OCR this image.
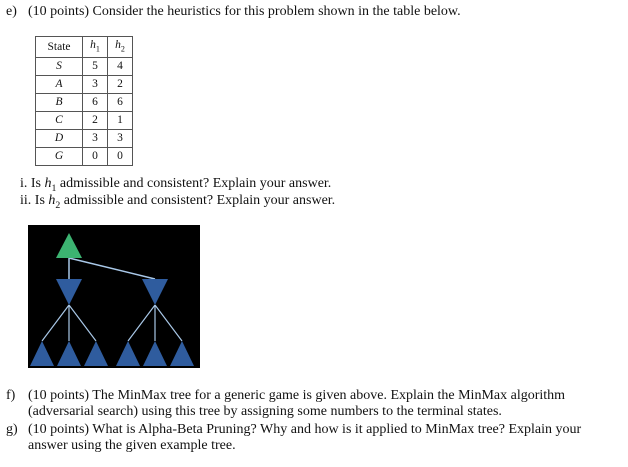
e) (10 points) Consider the heuristics for this problem shown in the table below.
State	$h_1$	$h_2$
S	5	4
A	3	2
B	6	6
C	2	1
D	3	3
G	0	0
i. Is $h_1$ admissible and consistent? Explain your answer.
ii. Is $h_2$ admissible and consistent? Explain your answer.
f) (10 points) The MinMax tree for a generic game is given above. Explain the MinMax algorithm
(adversarial search) using this tree by assigning some numbers to the terminal states.
g) (10 points) What is Alpha-Beta Pruning? Why and how is it applied to MinMax tree? Explain your
answer using the given example tree.
